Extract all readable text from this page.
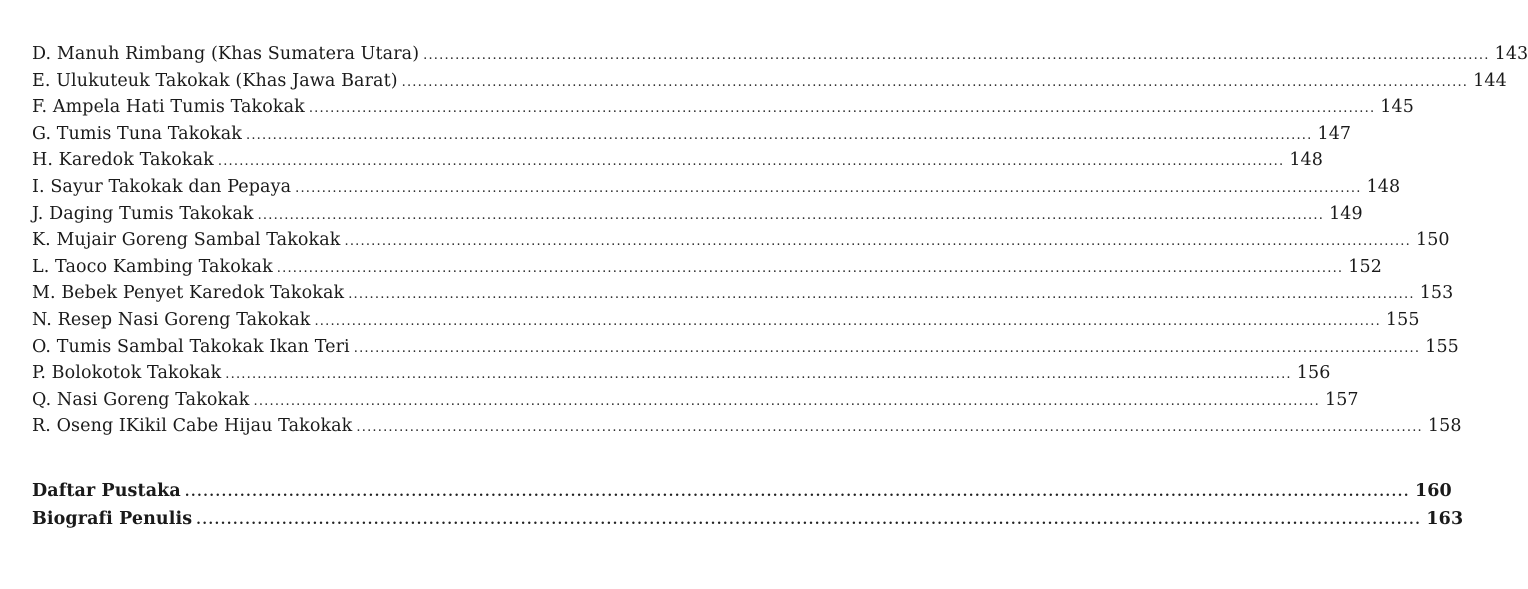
D. Manuh Rimbang (Khas Sumatera Utara) ........................................................................................................................................................................................................ 143
E. Ulukuteuk Takokak (Khas Jawa Barat) ........................................................................................................................................................................................................ 144
F. Ampela Hati Tumis Takokak ........................................................................................................................................................................................................ 145
G. Tumis Tuna Takokak ........................................................................................................................................................................................................ 147
H. Karedok Takokak ........................................................................................................................................................................................................ 148
I. Sayur Takokak dan Pepaya ........................................................................................................................................................................................................ 148
J. Daging Tumis Takokak ........................................................................................................................................................................................................ 149
K. Mujair Goreng Sambal Takokak ........................................................................................................................................................................................................ 150
L. Taoco Kambing Takokak ........................................................................................................................................................................................................ 152
M. Bebek Penyet Karedok Takokak ........................................................................................................................................................................................................ 153
N. Resep Nasi Goreng Takokak ........................................................................................................................................................................................................ 155
O. Tumis Sambal Takokak Ikan Teri ........................................................................................................................................................................................................ 155
P. Bolokotok Takokak ........................................................................................................................................................................................................ 156
Q. Nasi Goreng Takokak ........................................................................................................................................................................................................ 157
R. Oseng IKikil Cabe Hijau Takokak ........................................................................................................................................................................................................ 158
Daftar Pustaka ........................................................................................................................................................................................................ 160
Biografi Penulis ........................................................................................................................................................................................................ 163
